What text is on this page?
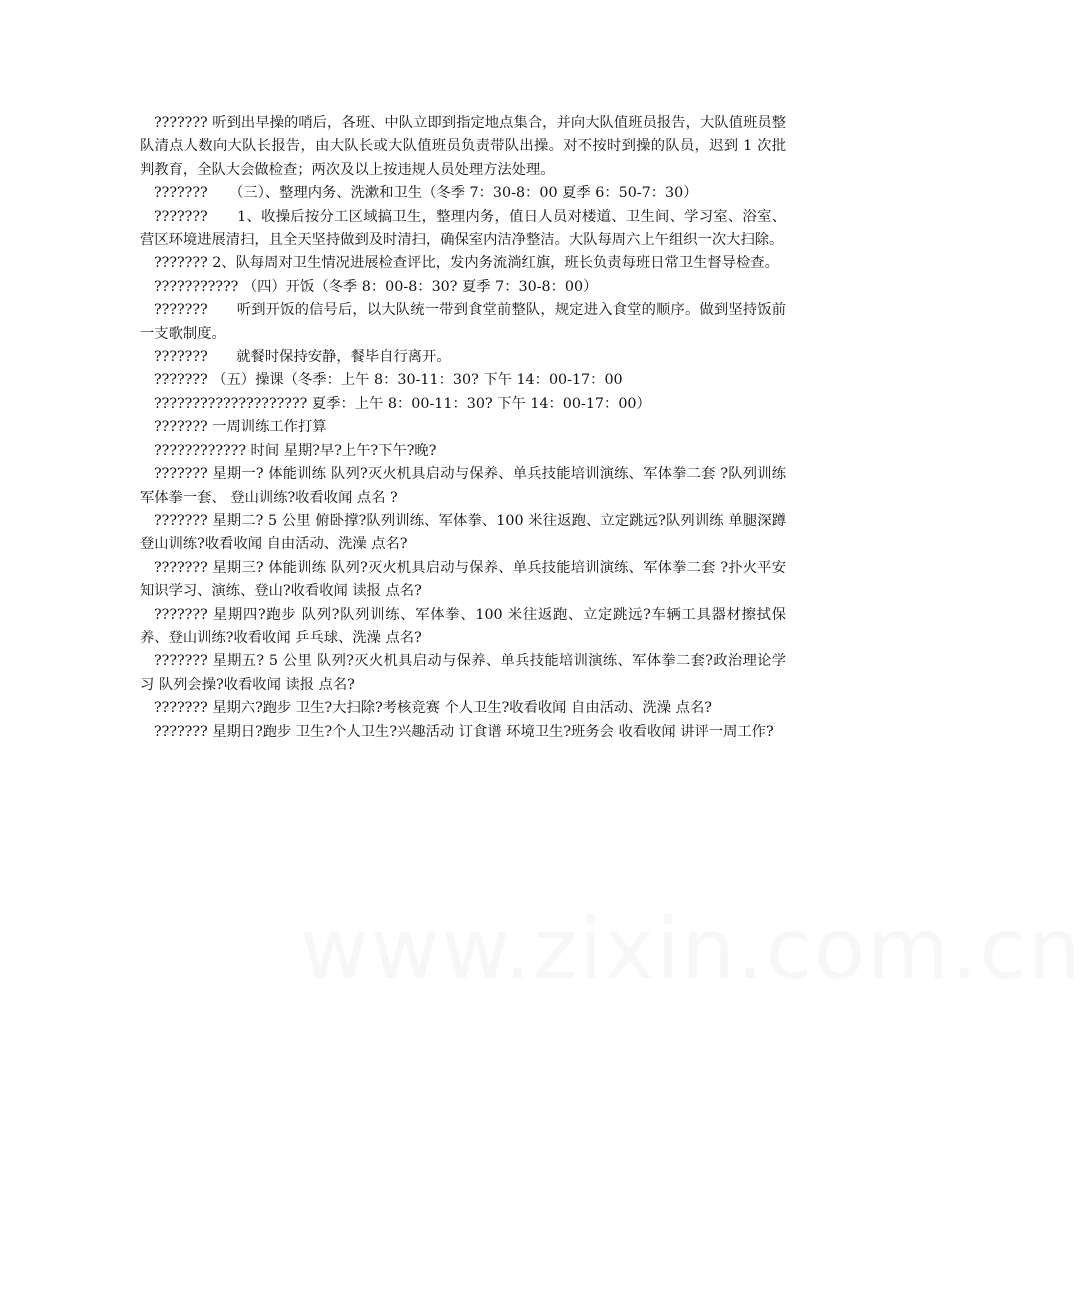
??????? 听到出早操的哨后，各班、中队立即到指定地点集合，并向大队值班员报告，大队值班员整队清点人数向大队长报告，由大队长或大队值班员负责带队出操。对不按时到操的队员，迟到 1 次批判教育，全队大会做检查；两次及以上按违规人员处理方法处理。

???????　　（三）、整理内务、洗漱和卫生（冬季 7：30-8：00 夏季 6：50-7：30）

???????　　1、收操后按分工区域搞卫生，整理内务，值日人员对楼道、卫生间、学习室、浴室、营区环境进展清扫，且全天坚持做到及时清扫，确保室内洁净整洁。大队每周六上午组织一次大扫除。

??????? 2、队每周对卫生情况进展检查评比，发内务流淌红旗，班长负责每班日常卫生督导检查。

??????????? （四）开饭（冬季 8：00-8：30? 夏季 7：30-8：00）

???????　　听到开饭的信号后，以大队统一带到食堂前整队，规定进入食堂的顺序。做到坚持饭前一支歌制度。

???????　　就餐时保持安静，餐毕自行离开。

??????? （五）操课（冬季：上午 8：30-11：30? 下午 14：00-17：00

???????????????????? 夏季：上午 8：00-11：30? 下午 14：00-17：00）

??????? 一周训练工作打算

???????????? 时间 星期?早?上午?下午?晚?

??????? 星期一? 体能训练 队列?灭火机具启动与保养、单兵技能培训演练、军体拳二套 ?队列训练 军体拳一套、 登山训练?收看收闻 点名 ?

??????? 星期二? 5 公里 俯卧撑?队列训练、军体拳、100 米往返跑、立定跳远?队列训练 单腿深蹲 登山训练?收看收闻 自由活动、洗澡 点名?

??????? 星期三? 体能训练 队列?灭火机具启动与保养、单兵技能培训演练、军体拳二套 ?扑火平安知识学习、演练、登山?收看收闻 读报 点名?

??????? 星期四?跑步 队列?队列训练、军体拳、100 米往返跑、立定跳远?车辆工具器材擦拭保养、登山训练?收看收闻 乒乓球、洗澡 点名?

??????? 星期五? 5 公里 队列?灭火机具启动与保养、单兵技能培训演练、军体拳二套?政治理论学习 队列会操?收看收闻 读报 点名?

??????? 星期六?跑步 卫生?大扫除?考核竞赛 个人卫生?收看收闻 自由活动、洗澡 点名?

??????? 星期日?跑步 卫生?个人卫生?兴趣活动 订食谱 环境卫生?班务会 收看收闻 讲评一周工作?

www.zixin.com.cn
